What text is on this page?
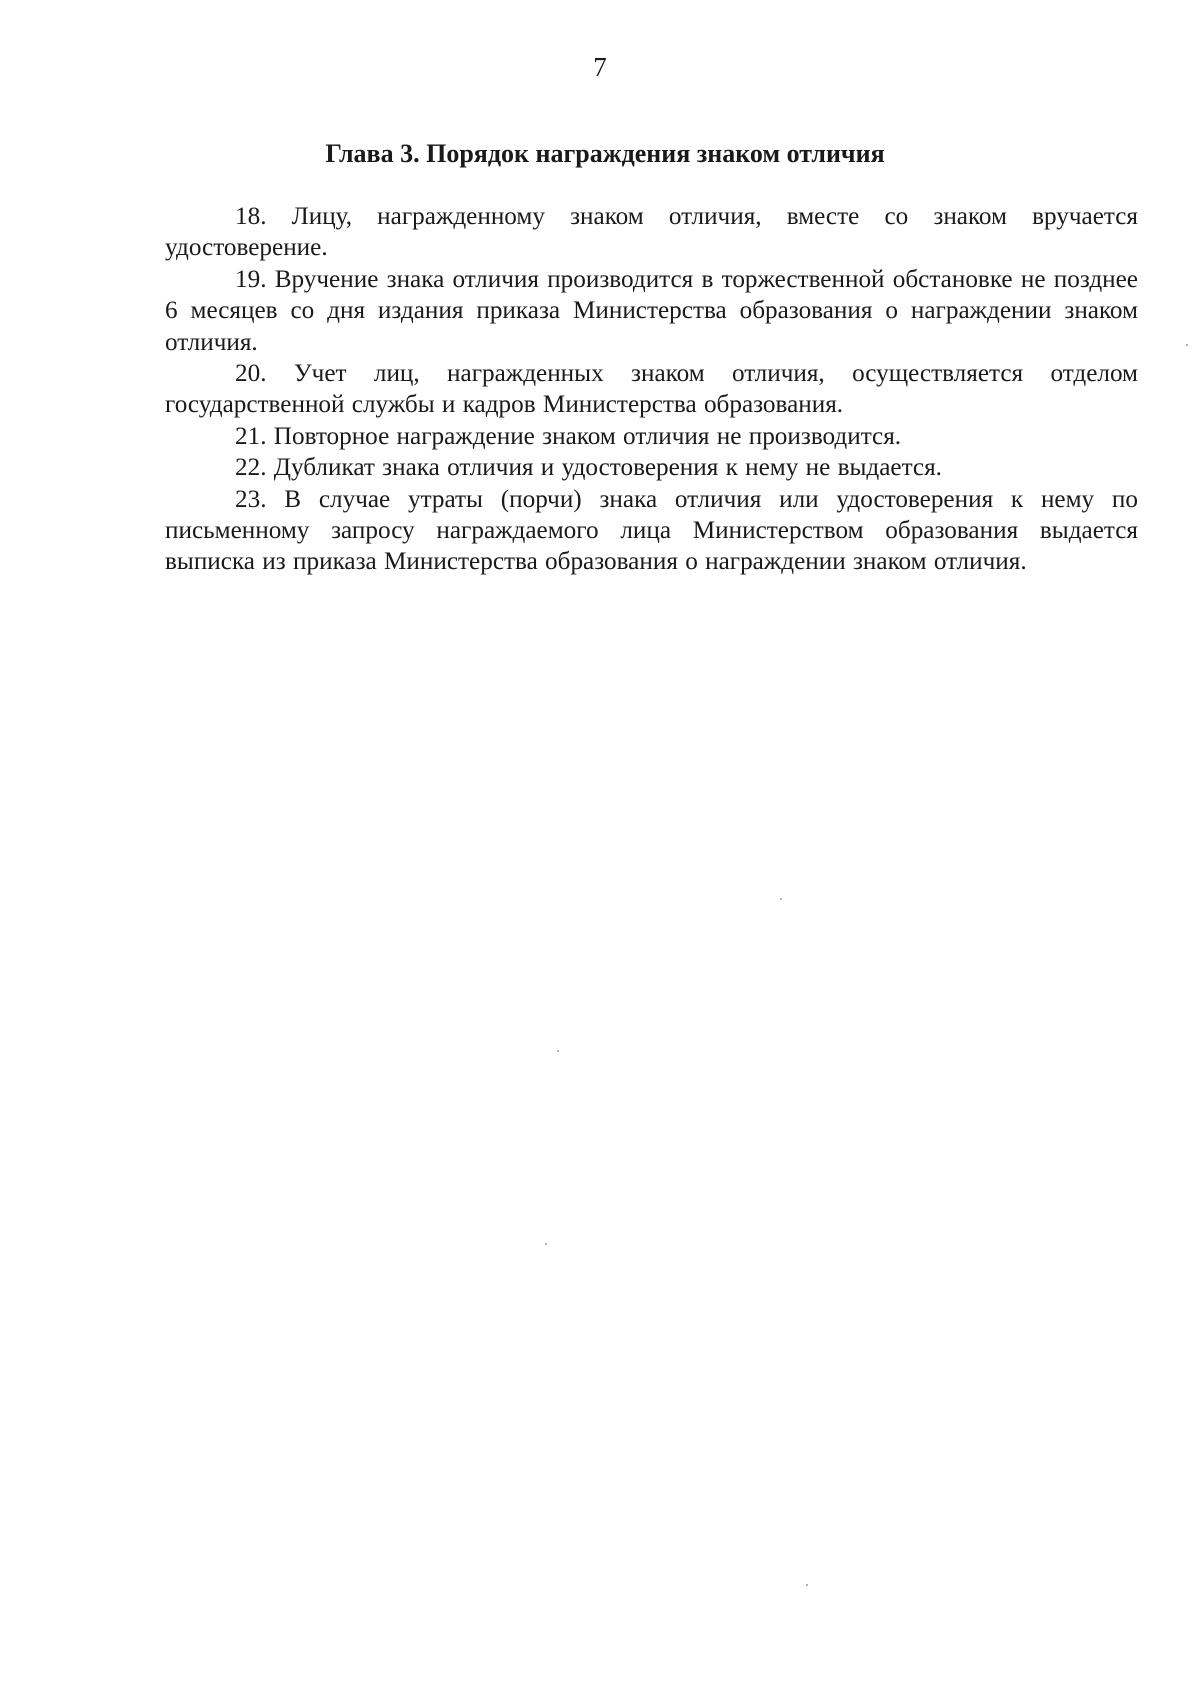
7
Глава 3. Порядок награждения знаком отличия

18. Лицу, награжденному знаком отличия, вместе со знаком вручается удостоверение.

19. Вручение знака отличия производится в торжественной обстановке не позднее 6 месяцев со дня издания приказа Министерства образования о награждении знаком отличия.

20. Учет лиц, награжденных знаком отличия, осуществляется отделом государственной службы и кадров Министерства образования.

21. Повторное награждение знаком отличия не производится.

22. Дубликат знака отличия и удостоверения к нему не выдается.

23. В случае утраты (порчи) знака отличия или удостоверения к нему по письменному запросу награждаемого лица Министерством образования выдается выписка из приказа Министерства образования о награждении знаком отличия.
